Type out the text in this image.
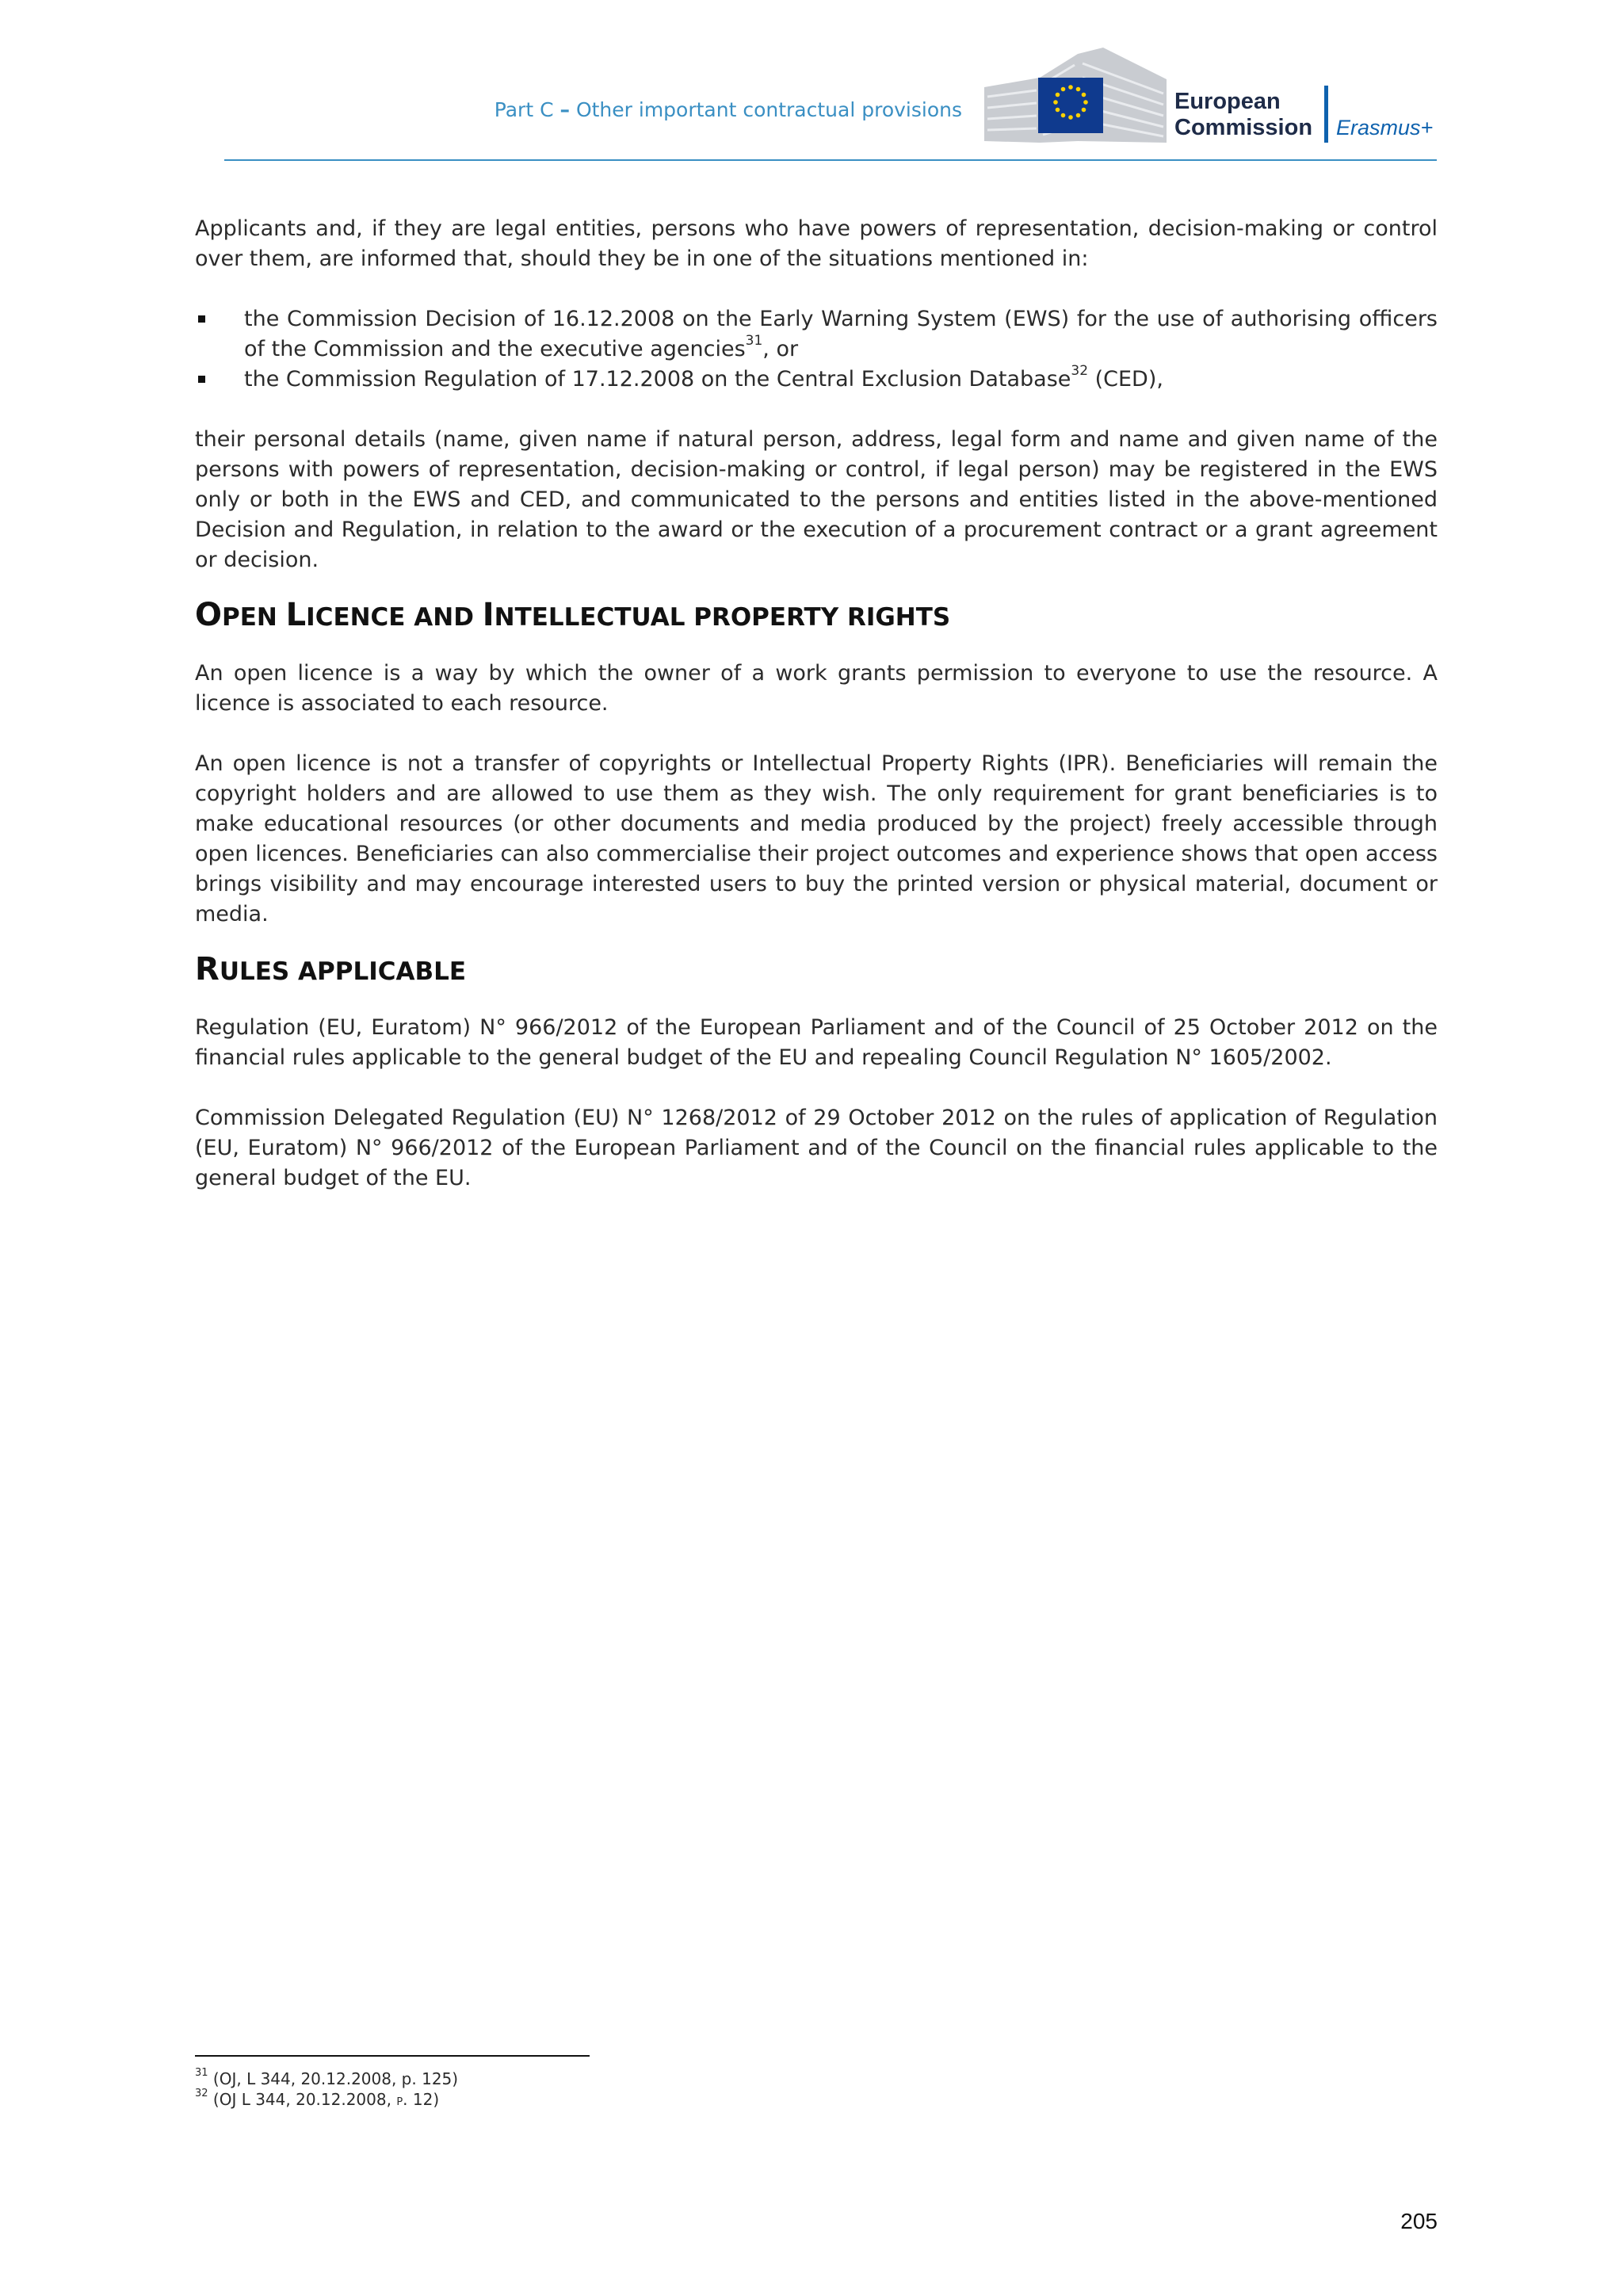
Part C – Other important contractual provisions	European
Commission Erasmus+

Applicants and, if they are legal entities, persons who have powers of representation, decision-making or control over them, are informed that, should they be in one of the situations mentioned in:

the Commission Decision of 16.12.2008 on the Early Warning System (EWS) for the use of authorising officers of the Commission and the executive agencies$^{31}$, or
the Commission Regulation of 17.12.2008 on the Central Exclusion Database$^{32}$ (CED),

their personal details (name, given name if natural person, address, legal form and name and given name of the persons with powers of representation, decision-making or control, if legal person) may be registered in the EWS only or both in the EWS and CED, and communicated to the persons and entities listed in the above-mentioned Decision and Regulation, in relation to the award or the execution of a procurement contract or a grant agreement or decision.

OPEN LICENCE AND INTELLECTUAL PROPERTY RIGHTS

An open licence is a way by which the owner of a work grants permission to everyone to use the resource. A licence is associated to each resource.

An open licence is not a transfer of copyrights or Intellectual Property Rights (IPR). Beneficiaries will remain the copyright holders and are allowed to use them as they wish. The only requirement for grant beneficiaries is to make educational resources (or other documents and media produced by the project) freely accessible through open licences. Beneficiaries can also commercialise their project outcomes and experience shows that open access brings visibility and may encourage interested users to buy the printed version or physical material, document or media.

RULES APPLICABLE

Regulation (EU, Euratom) N° 966/2012 of the European Parliament and of the Council of 25 October 2012 on the financial rules applicable to the general budget of the EU and repealing Council Regulation N° 1605/2002.

Commission Delegated Regulation (EU) N° 1268/2012 of 29 October 2012 on the rules of application of Regulation (EU, Euratom) N° 966/2012 of the European Parliament and of the Council on the financial rules applicable to the general budget of the EU.

$^{31}$ (OJ, L 344, 20.12.2008, p. 125)
$^{32}$ (OJ L 344, 20.12.2008, P. 12)
205
